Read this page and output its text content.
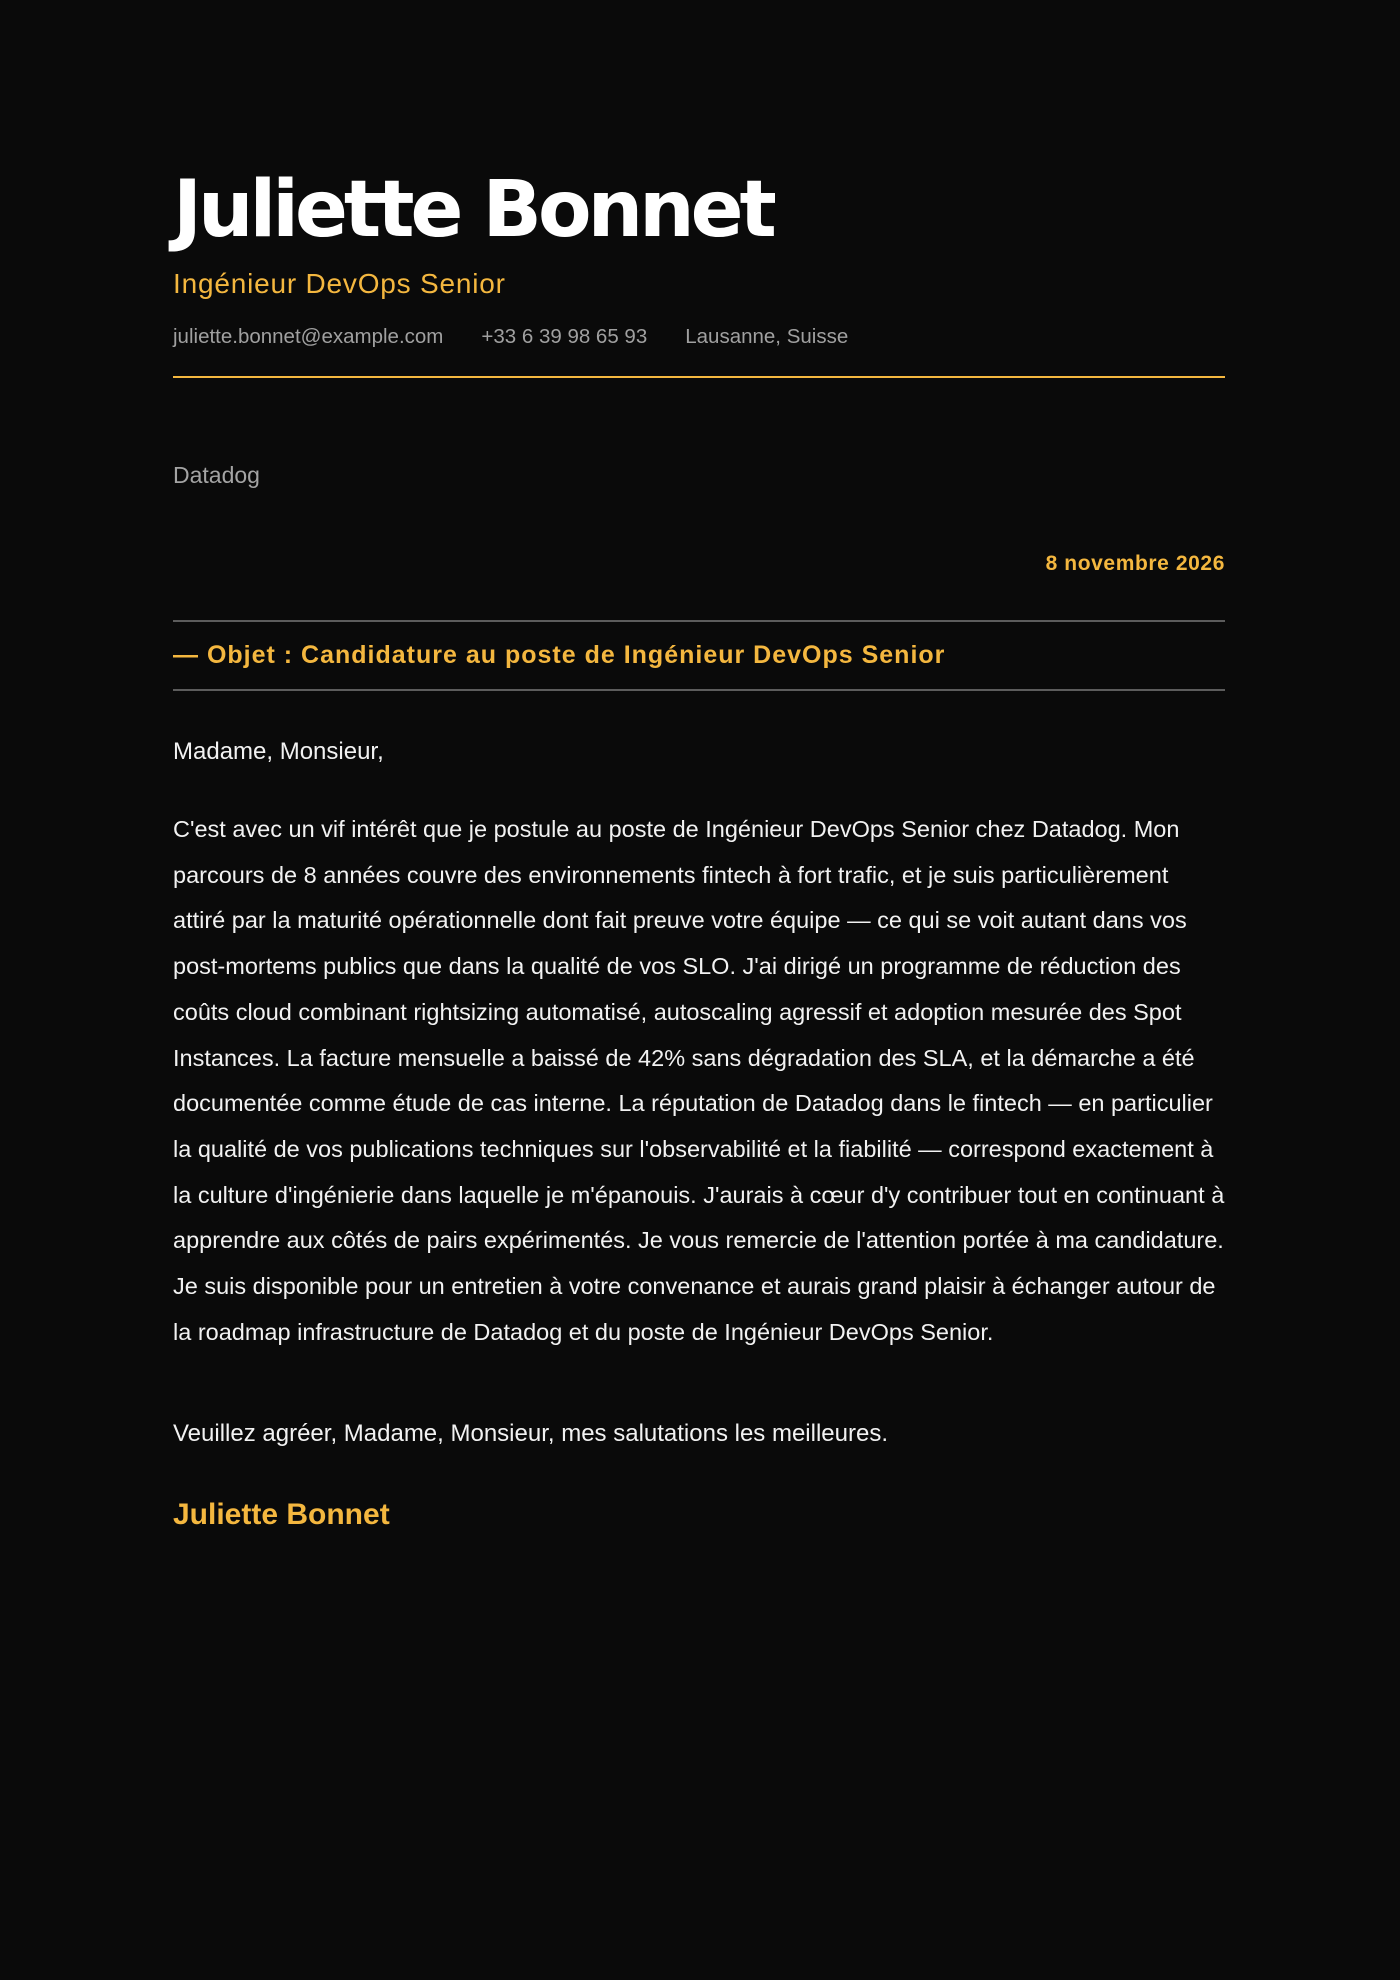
Juliette Bonnet
Ingénieur DevOps Senior
juliette.bonnet@example.com +33 6 39 98 65 93 Lausanne, Suisse
Datadog
8 novembre 2026
— Objet : Candidature au poste de Ingénieur DevOps Senior
Madame, Monsieur,

C'est avec un vif intérêt que je postule au poste de Ingénieur DevOps Senior chez Datadog. Mon parcours de 8 années couvre des environnements fintech à fort trafic, et je suis particulièrement attiré par la maturité opérationnelle dont fait preuve votre équipe — ce qui se voit autant dans vos post-mortems publics que dans la qualité de vos SLO. J'ai dirigé un programme de réduction des coûts cloud combinant rightsizing automatisé, autoscaling agressif et adoption mesurée des Spot Instances. La facture mensuelle a baissé de 42% sans dégradation des SLA, et la démarche a été documentée comme étude de cas interne. La réputation de Datadog dans le fintech — en particulier la qualité de vos publications techniques sur l'observabilité et la fiabilité — correspond exactement à la culture d'ingénierie dans laquelle je m'épanouis. J'aurais à cœur d'y contribuer tout en continuant à apprendre aux côtés de pairs expérimentés. Je vous remercie de l'attention portée à ma candidature. Je suis disponible pour un entretien à votre convenance et aurais grand plaisir à échanger autour de la roadmap infrastructure de Datadog et du poste de Ingénieur DevOps Senior.

Veuillez agréer, Madame, Monsieur, mes salutations les meilleures.
Juliette Bonnet
